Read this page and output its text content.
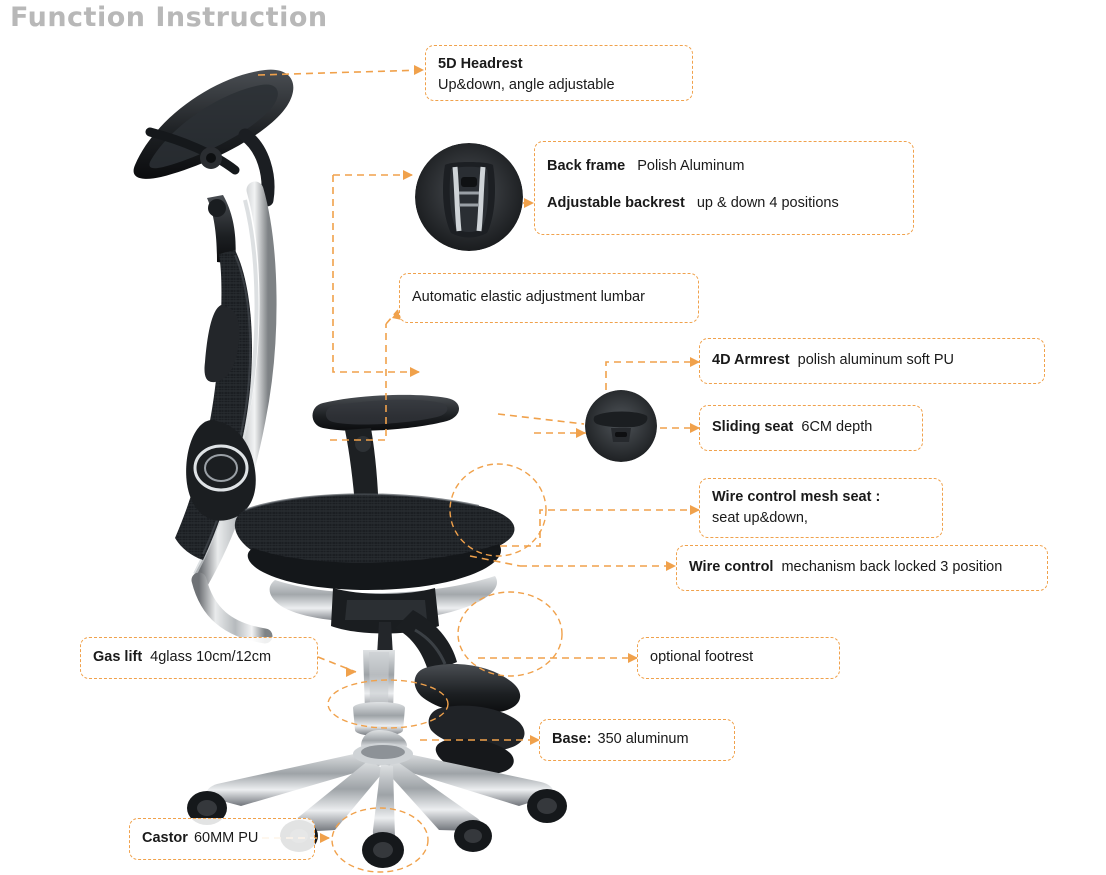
Function Instruction
5D Headrest
Up&down, angle adjustable
Back frame Polish Aluminum
Adjustable backrest up & down 4 positions
Automatic elastic adjustment lumbar
4D Armrest polish aluminum soft PU
Sliding seat 6CM depth
Wire control mesh seat :
seat up&down,
Wire control mechanism back locked 3 position
Gas lift 4glass 10cm/12cm	optional footrest
Base: 350 aluminum
Castor 60MM PU
